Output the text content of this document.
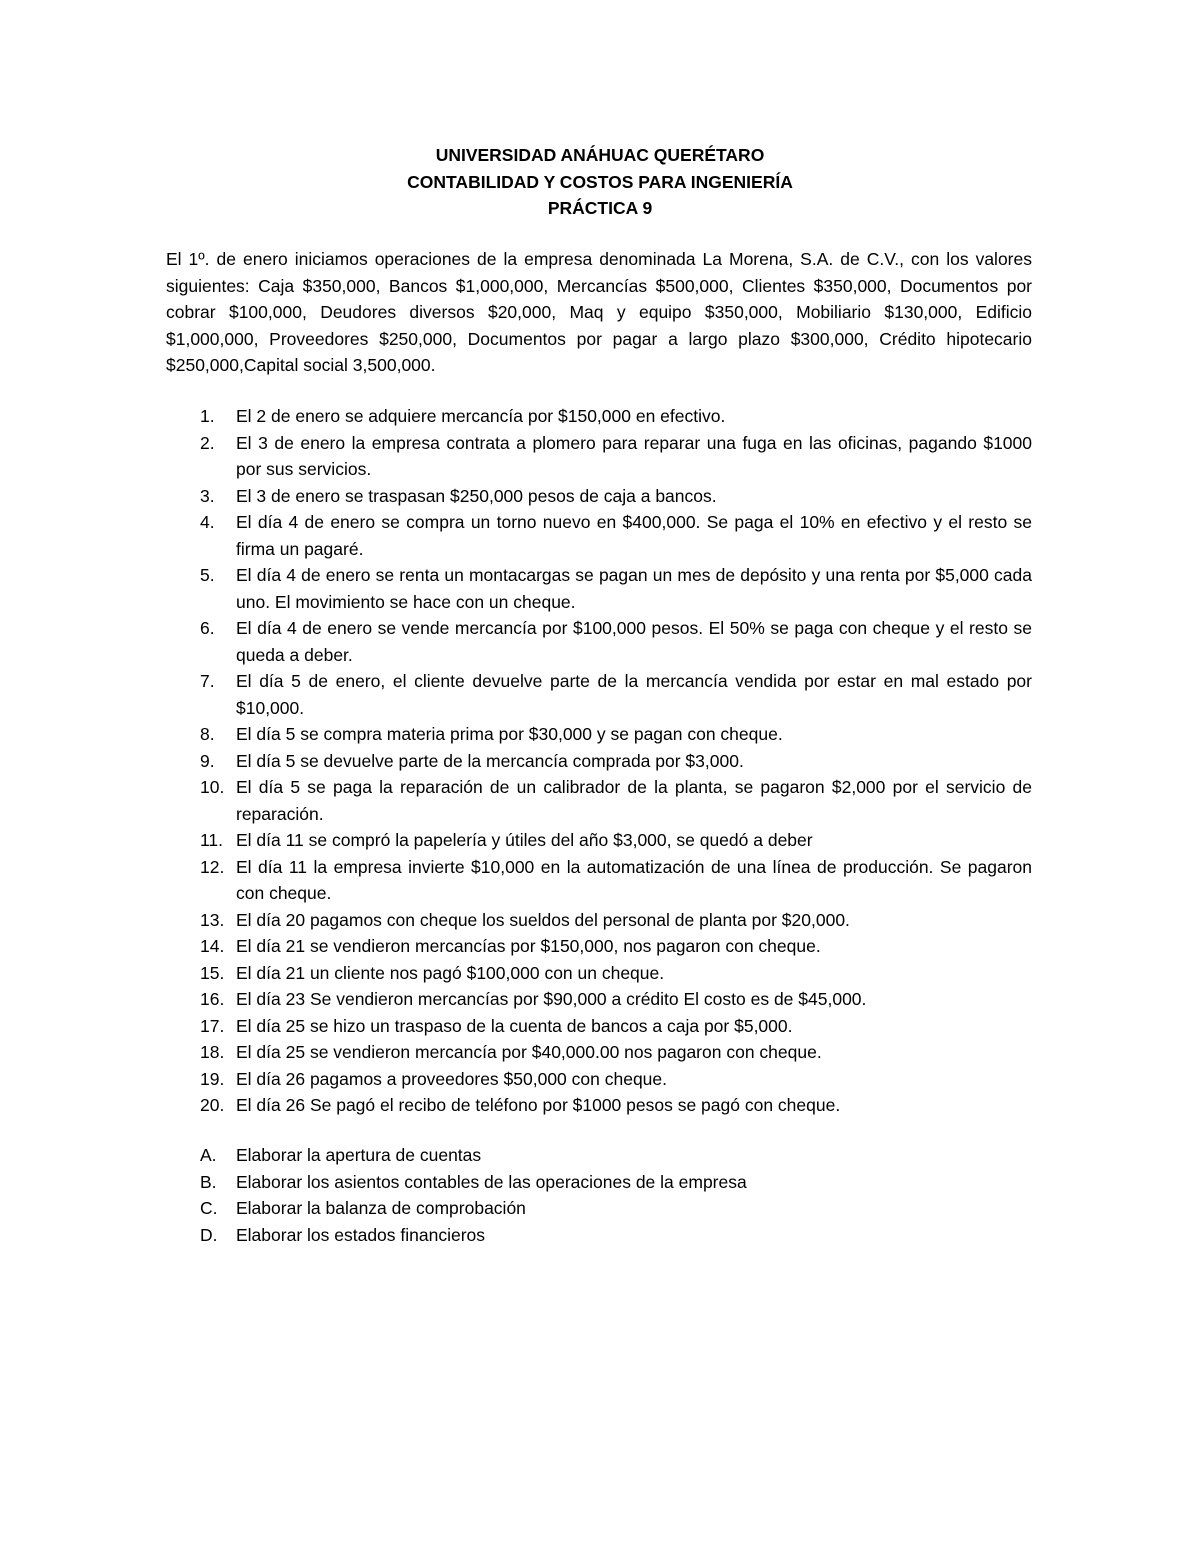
UNIVERSIDAD ANÁHUAC QUERÉTARO
CONTABILIDAD Y COSTOS PARA INGENIERÍA
PRÁCTICA 9

El 1º. de enero iniciamos operaciones de la empresa denominada La Morena, S.A. de C.V., con los valores siguientes: Caja $350,000, Bancos $1,000,000, Mercancías $500,000, Clientes $350,000, Documentos por cobrar $100,000, Deudores diversos $20,000, Maq y equipo $350,000, Mobiliario $130,000, Edificio $1,000,000, Proveedores $250,000, Documentos por pagar a largo plazo $300,000, Crédito hipotecario $250,000,Capital social 3,500,000.

1.	El 2 de enero se adquiere mercancía por $150,000 en efectivo.
2.	El 3 de enero la empresa contrata a plomero para reparar una fuga en las oficinas, pagando $1000 por sus servicios.
3.	El 3 de enero se traspasan $250,000 pesos de caja a bancos.
4.	El día 4 de enero se compra un torno nuevo en $400,000. Se paga el 10% en efectivo y el resto se firma un pagaré.
5.	El día 4 de enero se renta un montacargas se pagan un mes de depósito y una renta por $5,000 cada uno. El movimiento se hace con un cheque.
6.	El día 4 de enero se vende mercancía por $100,000 pesos. El 50% se paga con cheque y el resto se queda a deber.
7.	El día 5 de enero, el cliente devuelve parte de la mercancía vendida por estar en mal estado por $10,000.
8.	El día 5 se compra materia prima por $30,000 y se pagan con cheque.
9.	El día 5 se devuelve parte de la mercancía comprada por $3,000.
10. El día 5 se paga la reparación de un calibrador de la planta, se pagaron $2,000 por el servicio de reparación.
11. El día 11 se compró la papelería y útiles del año $3,000, se quedó a deber
12. El día 11 la empresa invierte $10,000 en la automatización de una línea de producción. Se pagaron con cheque.
13. El día 20 pagamos con cheque los sueldos del personal de planta por $20,000.
14. El día 21 se vendieron mercancías por $150,000, nos pagaron con cheque.
15. El día 21 un cliente nos pagó $100,000 con un cheque.
16. El día 23 Se vendieron mercancías por $90,000 a crédito El costo es de $45,000.
17. El día 25 se hizo un traspaso de la cuenta de bancos a caja por $5,000.
18. El día 25 se vendieron mercancía por $40,000.00 nos pagaron con cheque.
19. El día 26 pagamos a proveedores $50,000 con cheque.
20. El día 26 Se pagó el recibo de teléfono por $1000 pesos se pagó con cheque.
A. Elaborar la apertura de cuentas
B. Elaborar los asientos contables de las operaciones de la empresa
C. Elaborar la balanza de comprobación
D. Elaborar los estados financieros
